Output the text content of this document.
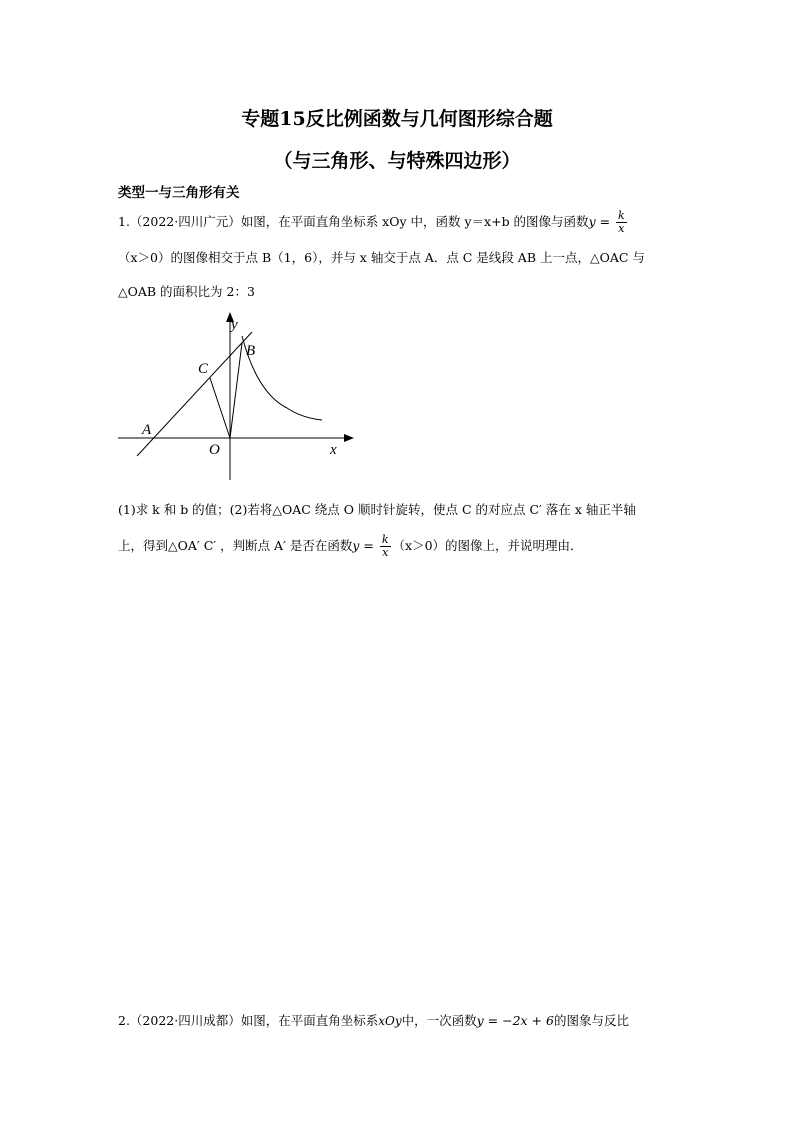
专题15反比例函数与几何图形综合题
（与三角形、与特殊四边形）
类型一与三角形有关
1.（2022·四川广元）如图，在平面直角坐标系 xOy 中，函数 y＝x+b 的图像与函数$y = \frac{k}{x}$
（x＞0）的图像相交于点 B（1，6），并与 x 轴交于点 A．点 C 是线段 AB 上一点，△OAC 与
△OAB 的面积比为 2：3
y
B
C
A
O	x
(1)求 k 和 b 的值；(2)若将△OAC 绕点 O 顺时针旋转，使点 C 的对应点 C′ 落在 x 轴正半轴
上，得到△OA′ C′ ，判断点 A′ 是否在函数$y = \frac{k}{x} (x>0)$的图像上，并说明理由．
2.（2022·四川成都）如图，在平面直角坐标系xOy中，一次函数y = −2x + 6的图象与反比
